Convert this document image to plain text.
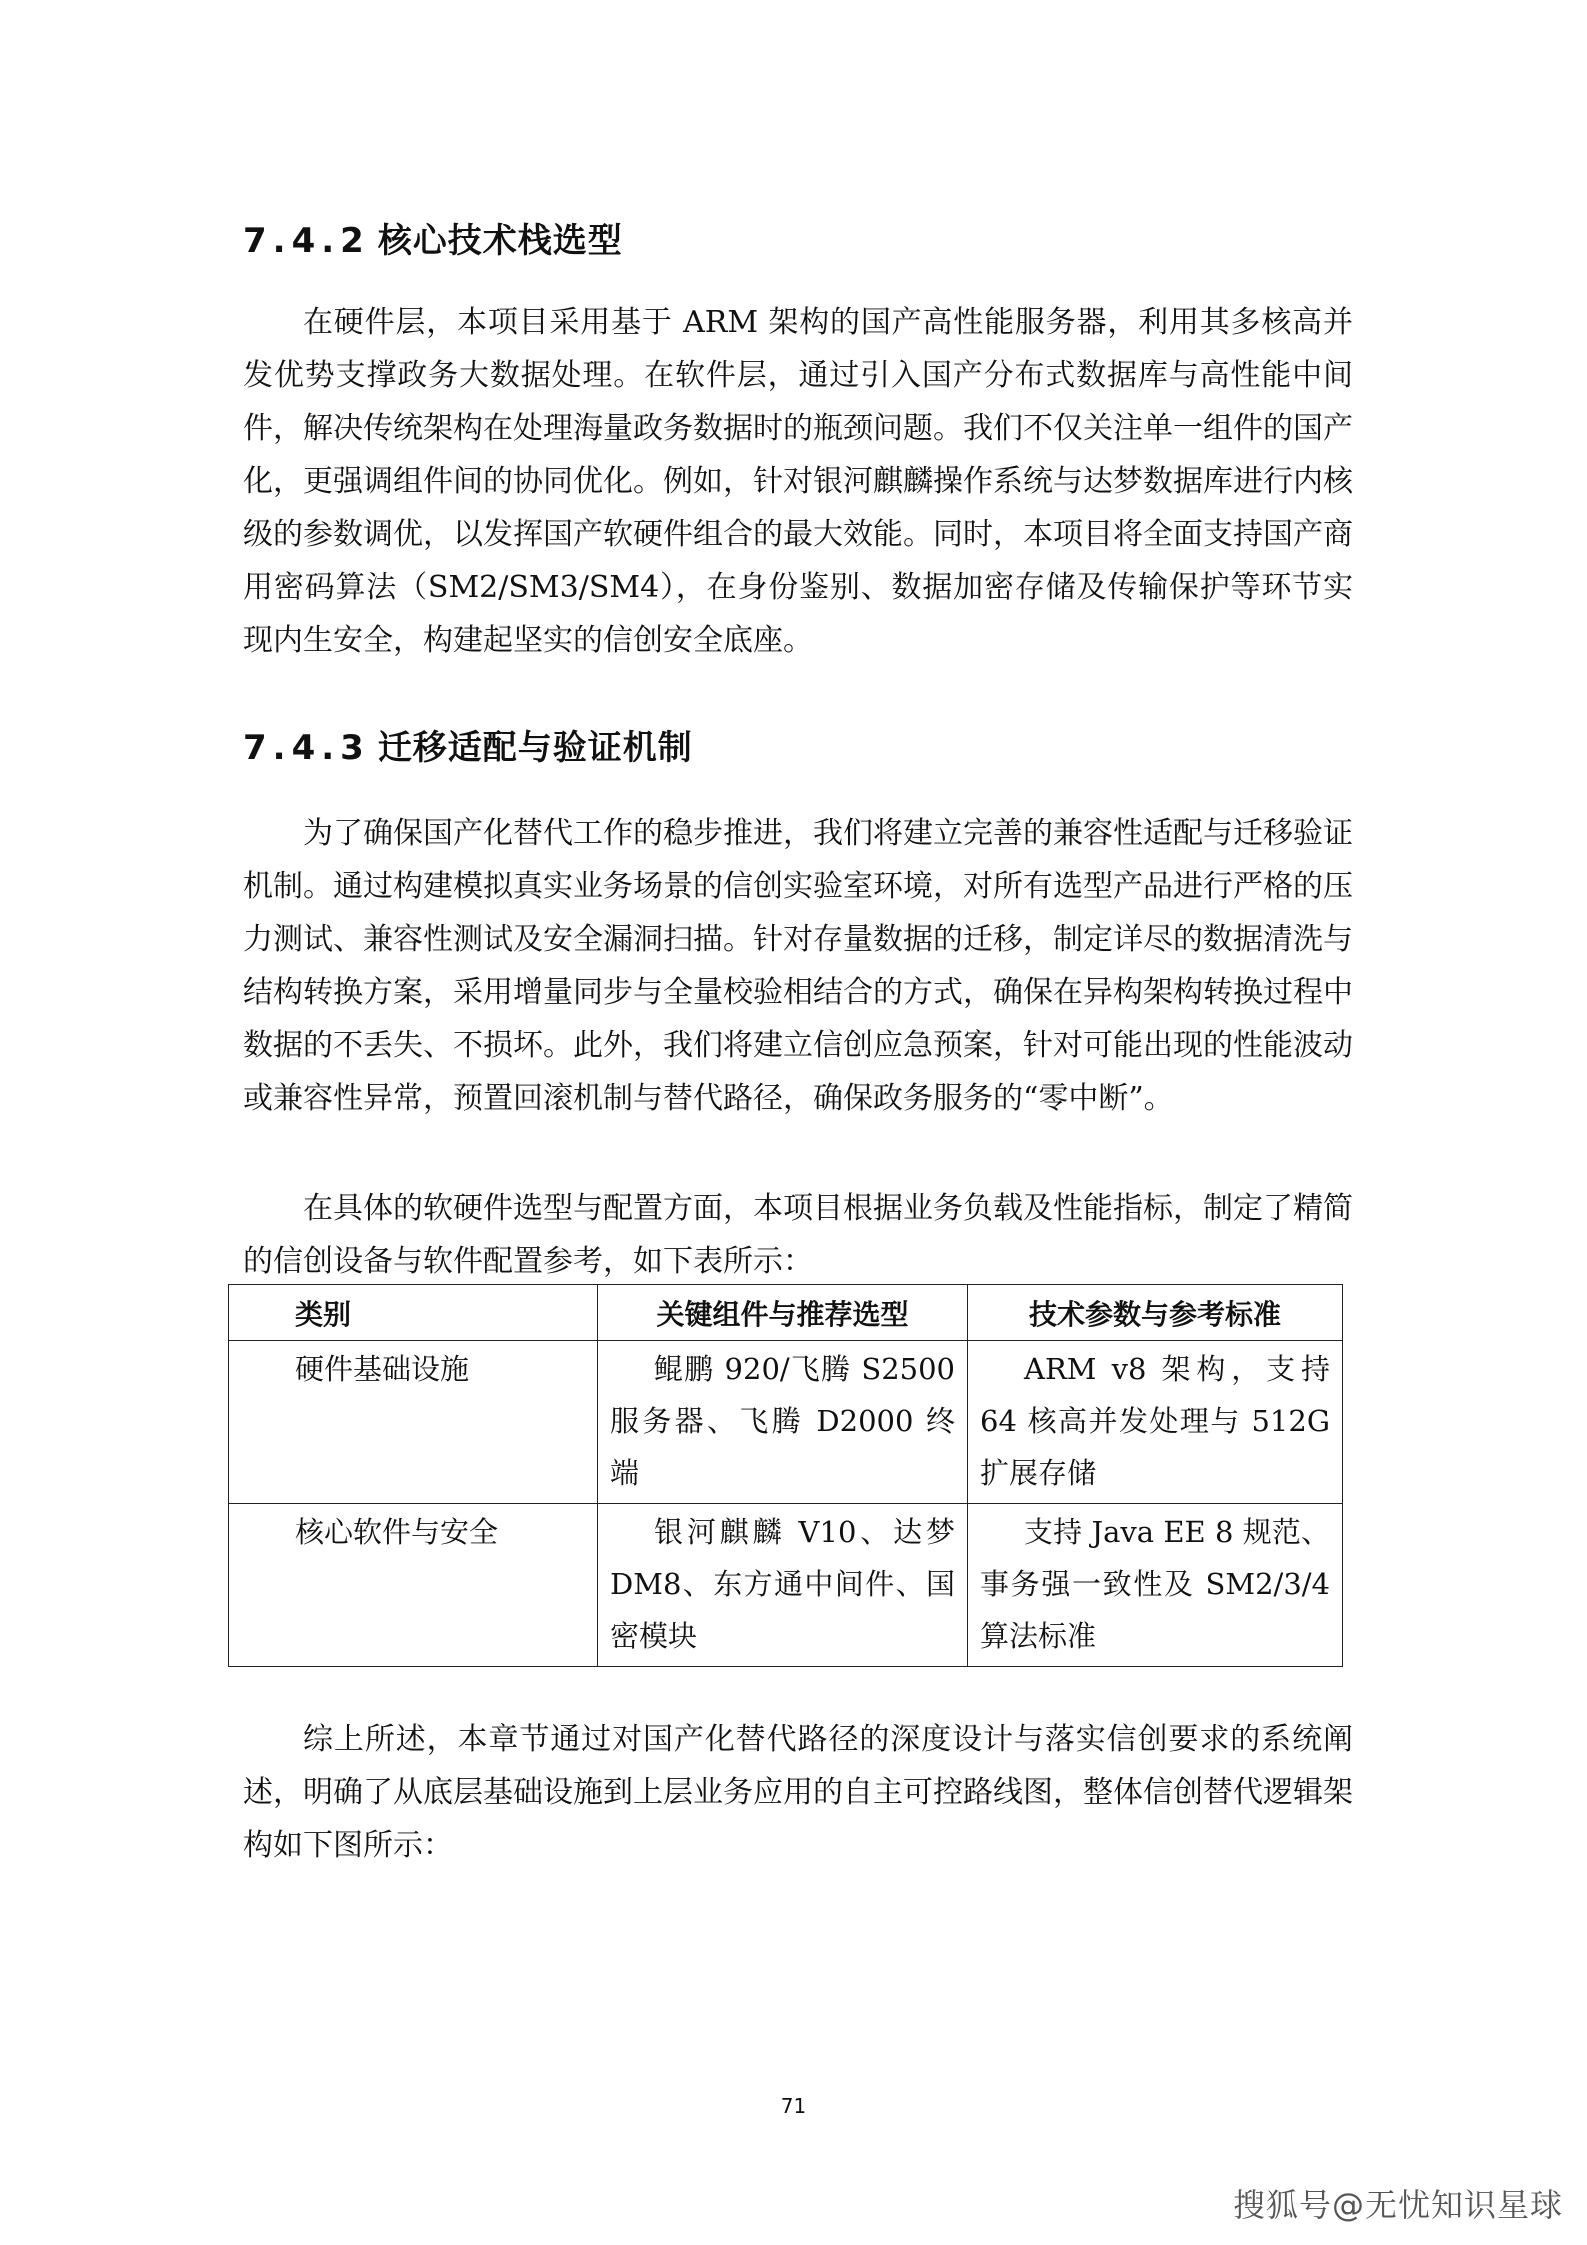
7.4.2 核心技术栈选型

在硬件层，本项目采用基于 ARM 架构的国产高性能服务器，利用其多核高并发优势支撑政务大数据处理。在软件层，通过引入国产分布式数据库与高性能中间件，解决传统架构在处理海量政务数据时的瓶颈问题。我们不仅关注单一组件的国产化，更强调组件间的协同优化。例如，针对银河麒麟操作系统与达梦数据库进行内核级的参数调优，以发挥国产软硬件组合的最大效能。同时，本项目将全面支持国产商用密码算法（SM2/SM3/SM4），在身份鉴别、数据加密存储及传输保护等环节实现内生安全，构建起坚实的信创安全底座。

7.4.3 迁移适配与验证机制

为了确保国产化替代工作的稳步推进，我们将建立完善的兼容性适配与迁移验证机制。通过构建模拟真实业务场景的信创实验室环境，对所有选型产品进行严格的压力测试、兼容性测试及安全漏洞扫描。针对存量数据的迁移，制定详尽的数据清洗与结构转换方案，采用增量同步与全量校验相结合的方式，确保在异构架构转换过程中数据的不丢失、不损坏。此外，我们将建立信创应急预案，针对可能出现的性能波动或兼容性异常，预置回滚机制与替代路径，确保政务服务的“零中断”。

在具体的软硬件选型与配置方面，本项目根据业务负载及性能指标，制定了精简的信创设备与软件配置参考，如下表所示：

类别	关键组件与推荐选型	技术参数与参考标准
硬件基础设施	鲲鹏 920/飞腾 S2500 服务器、飞腾 D2000 终端	ARM v8 架构，支持 64 核高并发处理与 512G 扩展存储
核心软件与安全	银河麒麟 V10、达梦 DM8、东方通中间件、国密模块	支持 Java EE 8 规范、事务强一致性及 SM2/3/4 算法标准

综上所述，本章节通过对国产化替代路径的深度设计与落实信创要求的系统阐述，明确了从底层基础设施到上层业务应用的自主可控路线图，整体信创替代逻辑架构如下图所示：

71

搜狐号@无忧知识星球
